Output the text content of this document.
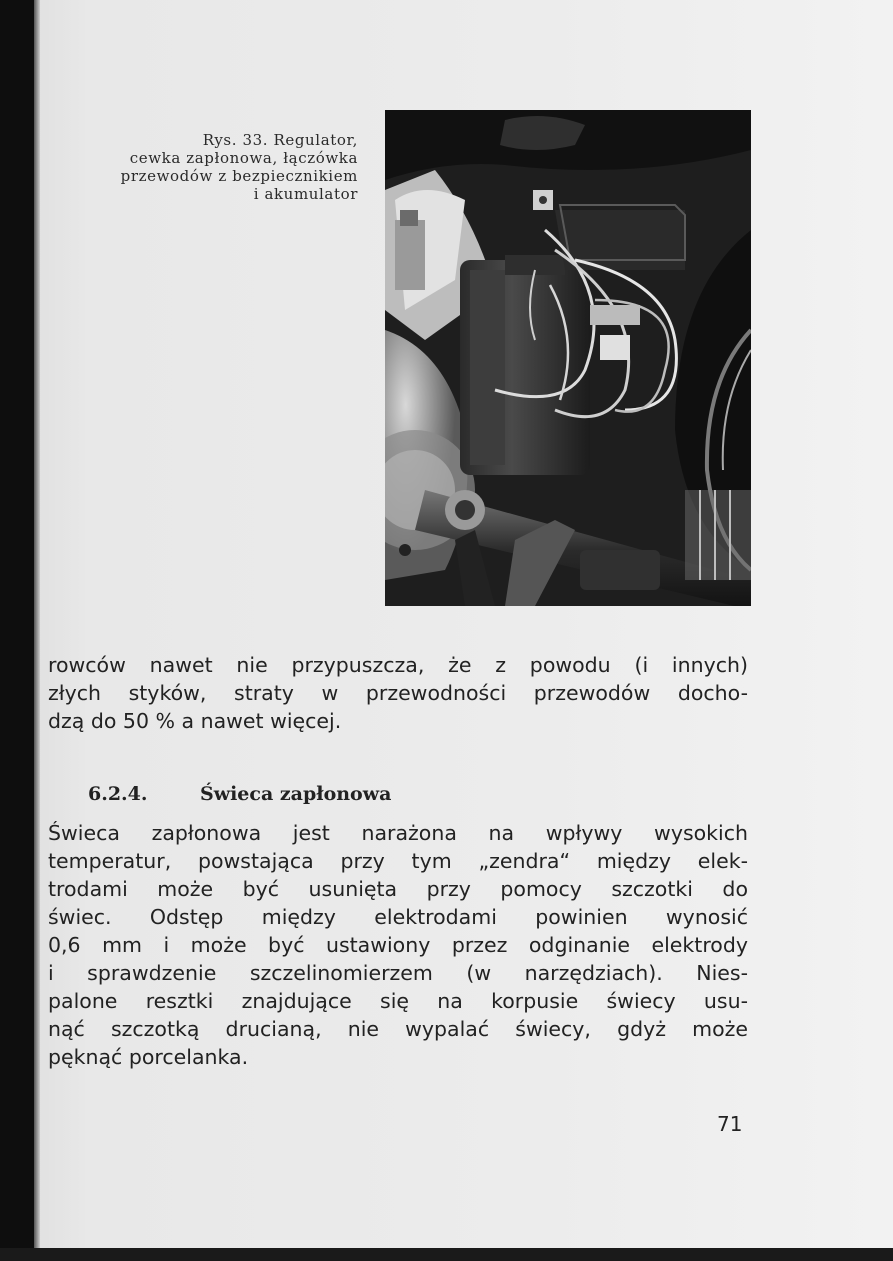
Rys. 33. Regulator,
cewka zapłonowa, łączówka
przewodów z bezpiecznikiem
i akumulator
rowców nawet nie przypuszcza, że z powodu (i innych)
złych styków, straty w przewodności przewodów docho-
dzą do 50 % a nawet więcej.
6.2.4.	Świeca zapłonowa
Świeca zapłonowa jest narażona na wpływy wysokich
temperatur, powstająca przy tym „zendra“ między elek-
trodami może być usunięta przy pomocy szczotki do
świec. Odstęp między elektrodami powinien wynosić
0,6 mm i może być ustawiony przez odginanie elektrody
i sprawdzenie szczelinomierzem (w narzędziach). Nies-
palone resztki znajdujące się na korpusie świecy usu-
nąć szczotką drucianą, nie wypalać świecy, gdyż może
pęknąć porcelanka.
71
